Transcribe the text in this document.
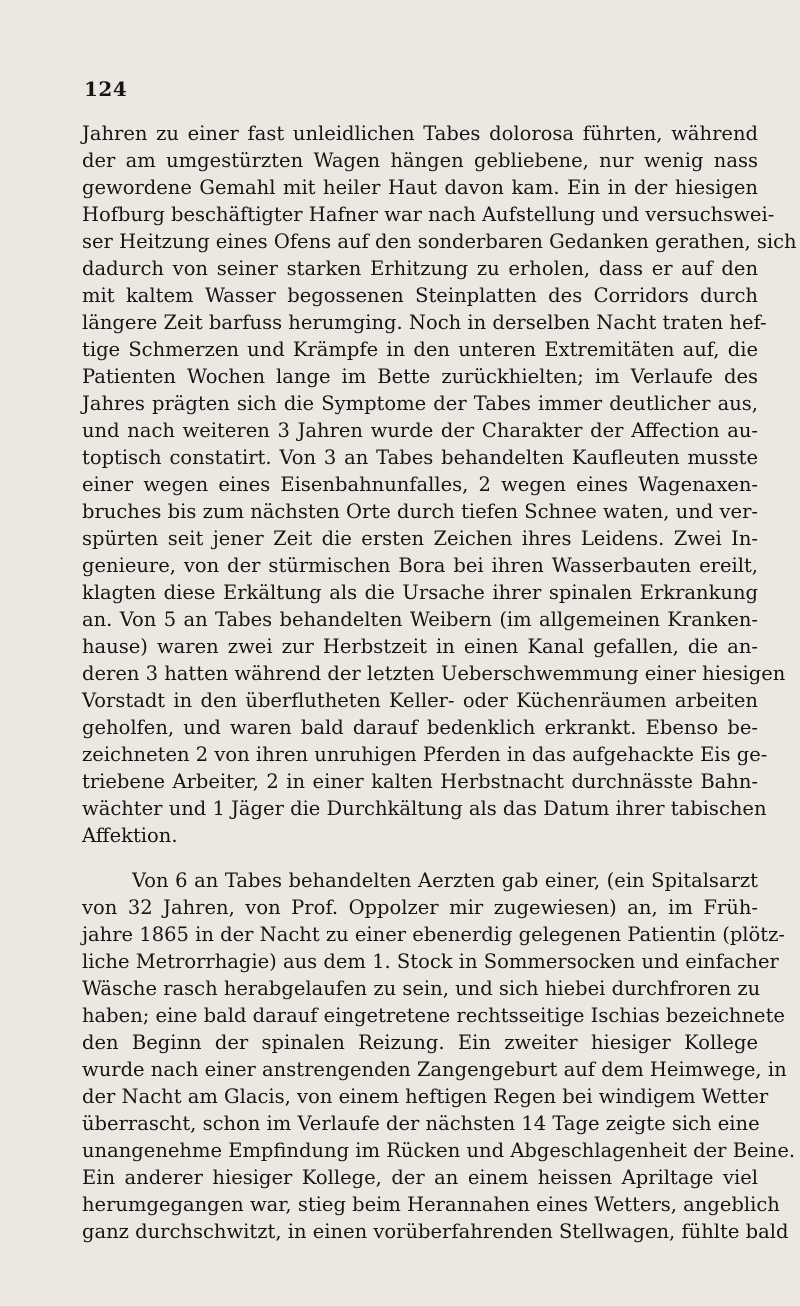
124
Jahren zu einer fast unleidlichen Tabes dolorosa führten, während
der am umgestürzten Wagen hängen gebliebene, nur wenig nass
gewordene Gemahl mit heiler Haut davon kam. Ein in der hiesigen
Hofburg beschäftigter Hafner war nach Aufstellung und versuchswei-
ser Heitzung eines Ofens auf den sonderbaren Gedanken gerathen, sich
dadurch von seiner starken Erhitzung zu erholen, dass er auf den
mit kaltem Wasser begossenen Steinplatten des Corridors durch
längere Zeit barfuss herumging. Noch in derselben Nacht traten hef-
tige Schmerzen und Krämpfe in den unteren Extremitäten auf, die
Patienten Wochen lange im Bette zurückhielten; im Verlaufe des
Jahres prägten sich die Symptome der Tabes immer deutlicher aus,
und nach weiteren 3 Jahren wurde der Charakter der Affection au-
toptisch constatirt. Von 3 an Tabes behandelten Kaufleuten musste
einer wegen eines Eisenbahnunfalles, 2 wegen eines Wagenaxen-
bruches bis zum nächsten Orte durch tiefen Schnee waten, und ver-
spürten seit jener Zeit die ersten Zeichen ihres Leidens. Zwei In-
genieure, von der stürmischen Bora bei ihren Wasserbauten ereilt,
klagten diese Erkältung als die Ursache ihrer spinalen Erkrankung
an. Von 5 an Tabes behandelten Weibern (im allgemeinen Kranken-
hause) waren zwei zur Herbstzeit in einen Kanal gefallen, die an-
deren 3 hatten während der letzten Ueberschwemmung einer hiesigen
Vorstadt in den überflutheten Keller- oder Küchenräumen arbeiten
geholfen, und waren bald darauf bedenklich erkrankt. Ebenso be-
zeichneten 2 von ihren unruhigen Pferden in das aufgehackte Eis ge-
triebene Arbeiter, 2 in einer kalten Herbstnacht durchnässte Bahn-
wächter und 1 Jäger die Durchkältung als das Datum ihrer tabischen
Affektion.
Von 6 an Tabes behandelten Aerzten gab einer, (ein Spitalsarzt
von 32 Jahren, von Prof. Oppolzer mir zugewiesen) an, im Früh-
jahre 1865 in der Nacht zu einer ebenerdig gelegenen Patientin (plötz-
liche Metrorrhagie) aus dem 1. Stock in Sommersocken und einfacher
Wäsche rasch herabgelaufen zu sein, und sich hiebei durchfroren zu
haben; eine bald darauf eingetretene rechtsseitige Ischias bezeichnete
den Beginn der spinalen Reizung. Ein zweiter hiesiger Kollege
wurde nach einer anstrengenden Zangengeburt auf dem Heimwege, in
der Nacht am Glacis, von einem heftigen Regen bei windigem Wetter
überrascht, schon im Verlaufe der nächsten 14 Tage zeigte sich eine
unangenehme Empfindung im Rücken und Abgeschlagenheit der Beine.
Ein anderer hiesiger Kollege, der an einem heissen Apriltage viel
herumgegangen war, stieg beim Herannahen eines Wetters, angeblich
ganz durchschwitzt, in einen vorüberfahrenden Stellwagen, fühlte bald
